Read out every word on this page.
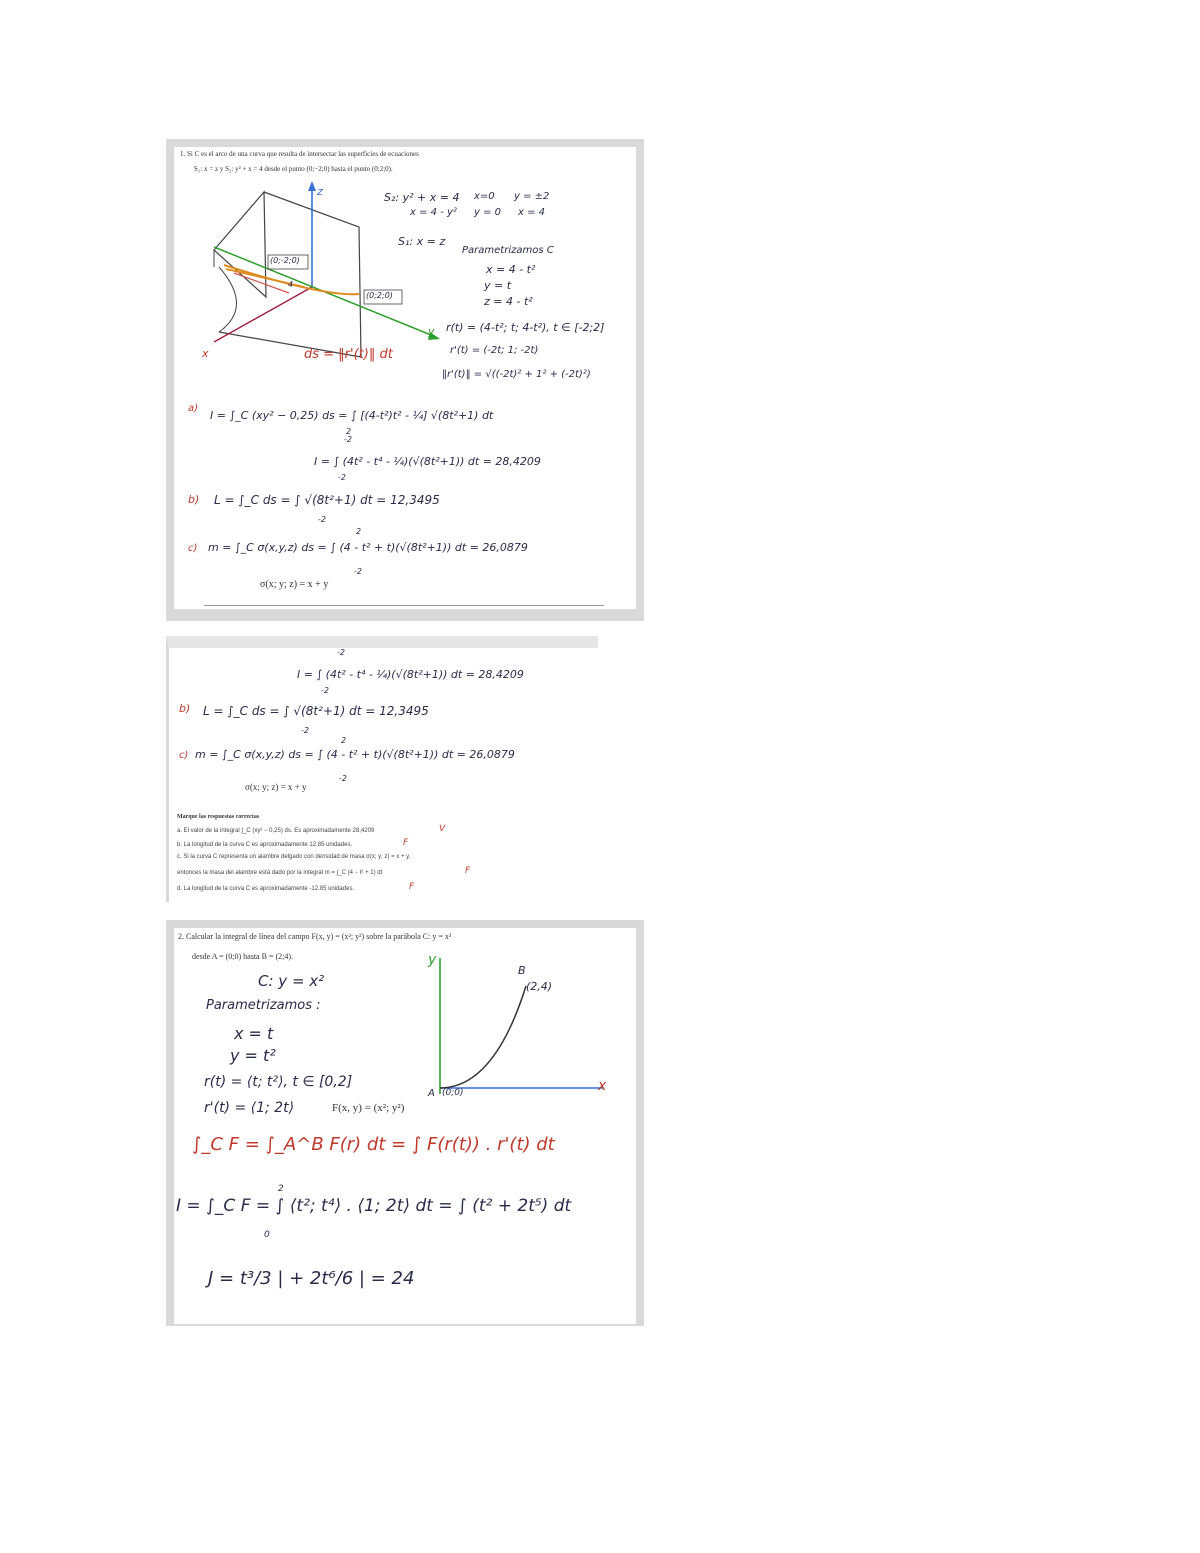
1. Si C es el arco de una curva que resulta de intersectar las superficies de ecuaciones
S₁: x = z y S₂: y² + x = 4 desde el punto (0;−2;0) hasta el punto (0;2;0).
z
x
y
(0;-2;0)
(0;2;0)
4
S₂: y² + x = 4
x = 4 - y²
x=0
y = 0
y = ±2
x = 4
S₁: x = z
Parametrizamos C
x = 4 - t²
y = t
z = 4 - t²
r(t) = (4-t²; t; 4-t²), t ∈ [-2;2]
r'(t) = (-2t; 1; -2t)
‖r'(t)‖ = √((-2t)² + 1² + (-2t)²)
ds = ‖r'(t)‖ dt
a)
I = ∫_C (xy² − 0,25) ds = ∫ [(4-t²)t² - ¼] √(8t²+1) dt
2
-2
I = ∫ (4t² - t⁴ - ¼)(√(8t²+1)) dt = 28,4209
-2
b) L = ∫_C ds = ∫ √(8t²+1) dt = 12,3495
-2
c) m = ∫_C σ(x,y,z) ds = ∫ (4 - t² + t)(√(8t²+1)) dt = 26,0879
2
-2
σ(x; y; z) = x + y
-2
I = ∫ (4t² - t⁴ - ¼)(√(8t²+1)) dt = 28,4209
-2
b) L = ∫_C ds = ∫ √(8t²+1) dt = 12,3495
-2
c) m = ∫_C σ(x,y,z) ds = ∫ (4 - t² + t)(√(8t²+1)) dt = 26,0879
2
-2
σ(x; y; z) = x + y
Marque las respuestas correctas
a. El valor de la integral ∫_C (xy² − 0,25) ds. Es aproximadamente 28,4209	V
b. La longitud de la curva C es aproximadamente 12,85 unidades.	F
c. Si la curva C representa un alambre delgado con densidad de masa σ(x; y; z) = x + y,
entonces la masa del alambre está dado por la integral m = ∫_C (4 − t² + 1) dt	F
d. La longitud de la curva C es aproximadamente -12.85 unidades.	F
2. Calcular la integral de línea del campo F(x, y) = (x²; y²) sobre la parábola C: y = x²
desde A = (0;0) hasta B = (2;4).
C: y = x²
Parametrizamos :
x = t
y = t²
r(t) = ⟨t; t²⟩, t ∈ [0,2]
r'(t) = ⟨1; 2t⟩	F(x, y) = (x²; y²)
y
x
B
(2,4)
A (0;0)
∫_C F = ∫_A^B F(r) dt = ∫ F(r(t)) . r'(t) dt
I = ∫_C F = ∫ ⟨t²; t⁴⟩ . ⟨1; 2t⟩ dt = ∫ (t² + 2t⁵) dt
2
0
J = t³/3 | + 2t⁶/6 | = 24
